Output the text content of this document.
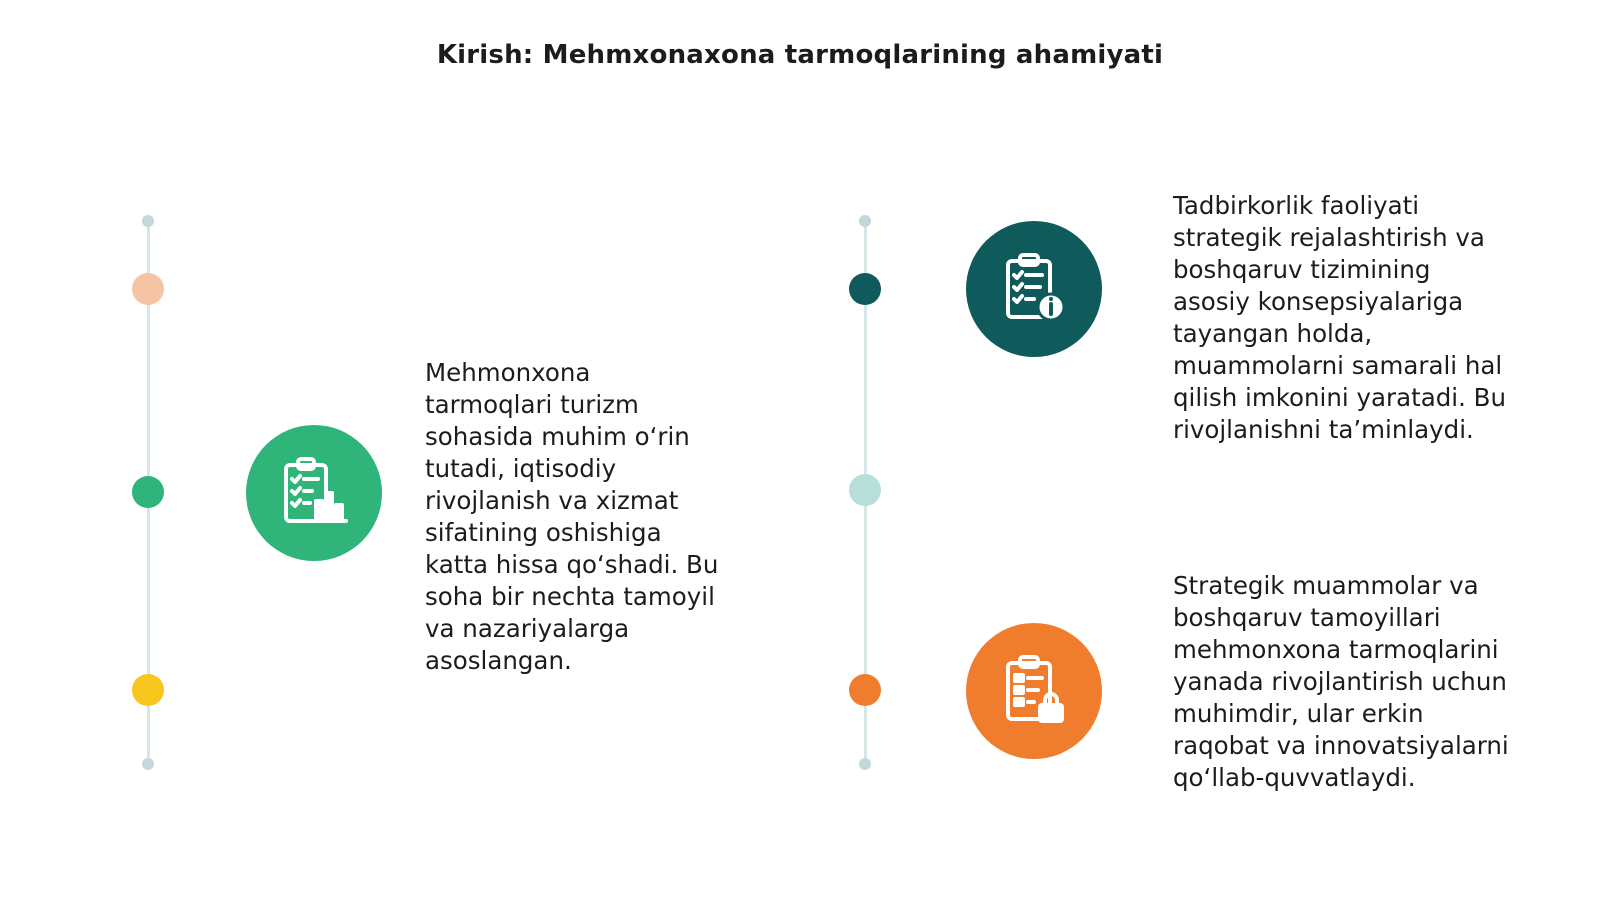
Kirish: Mehmxonaxona tarmoqlarining ahamiyati
Mehmonxona
tarmoqlari turizm
sohasida muhim o‘rin
tutadi, iqtisodiy
rivojlanish va xizmat
sifatining oshishiga
katta hissa qo‘shadi. Bu
soha bir nechta tamoyil
va nazariyalarga
asoslangan.
Tadbirkorlik faoliyati
strategik rejalashtirish va
boshqaruv tizimining
asosiy konsepsiyalariga
tayangan holda,
muammolarni samarali hal
qilish imkonini yaratadi. Bu
rivojlanishni ta’minlaydi.
Strategik muammolar va
boshqaruv tamoyillari
mehmonxona tarmoqlarini
yanada rivojlantirish uchun
muhimdir, ular erkin
raqobat va innovatsiyalarni
qo‘llab-quvvatlaydi.
